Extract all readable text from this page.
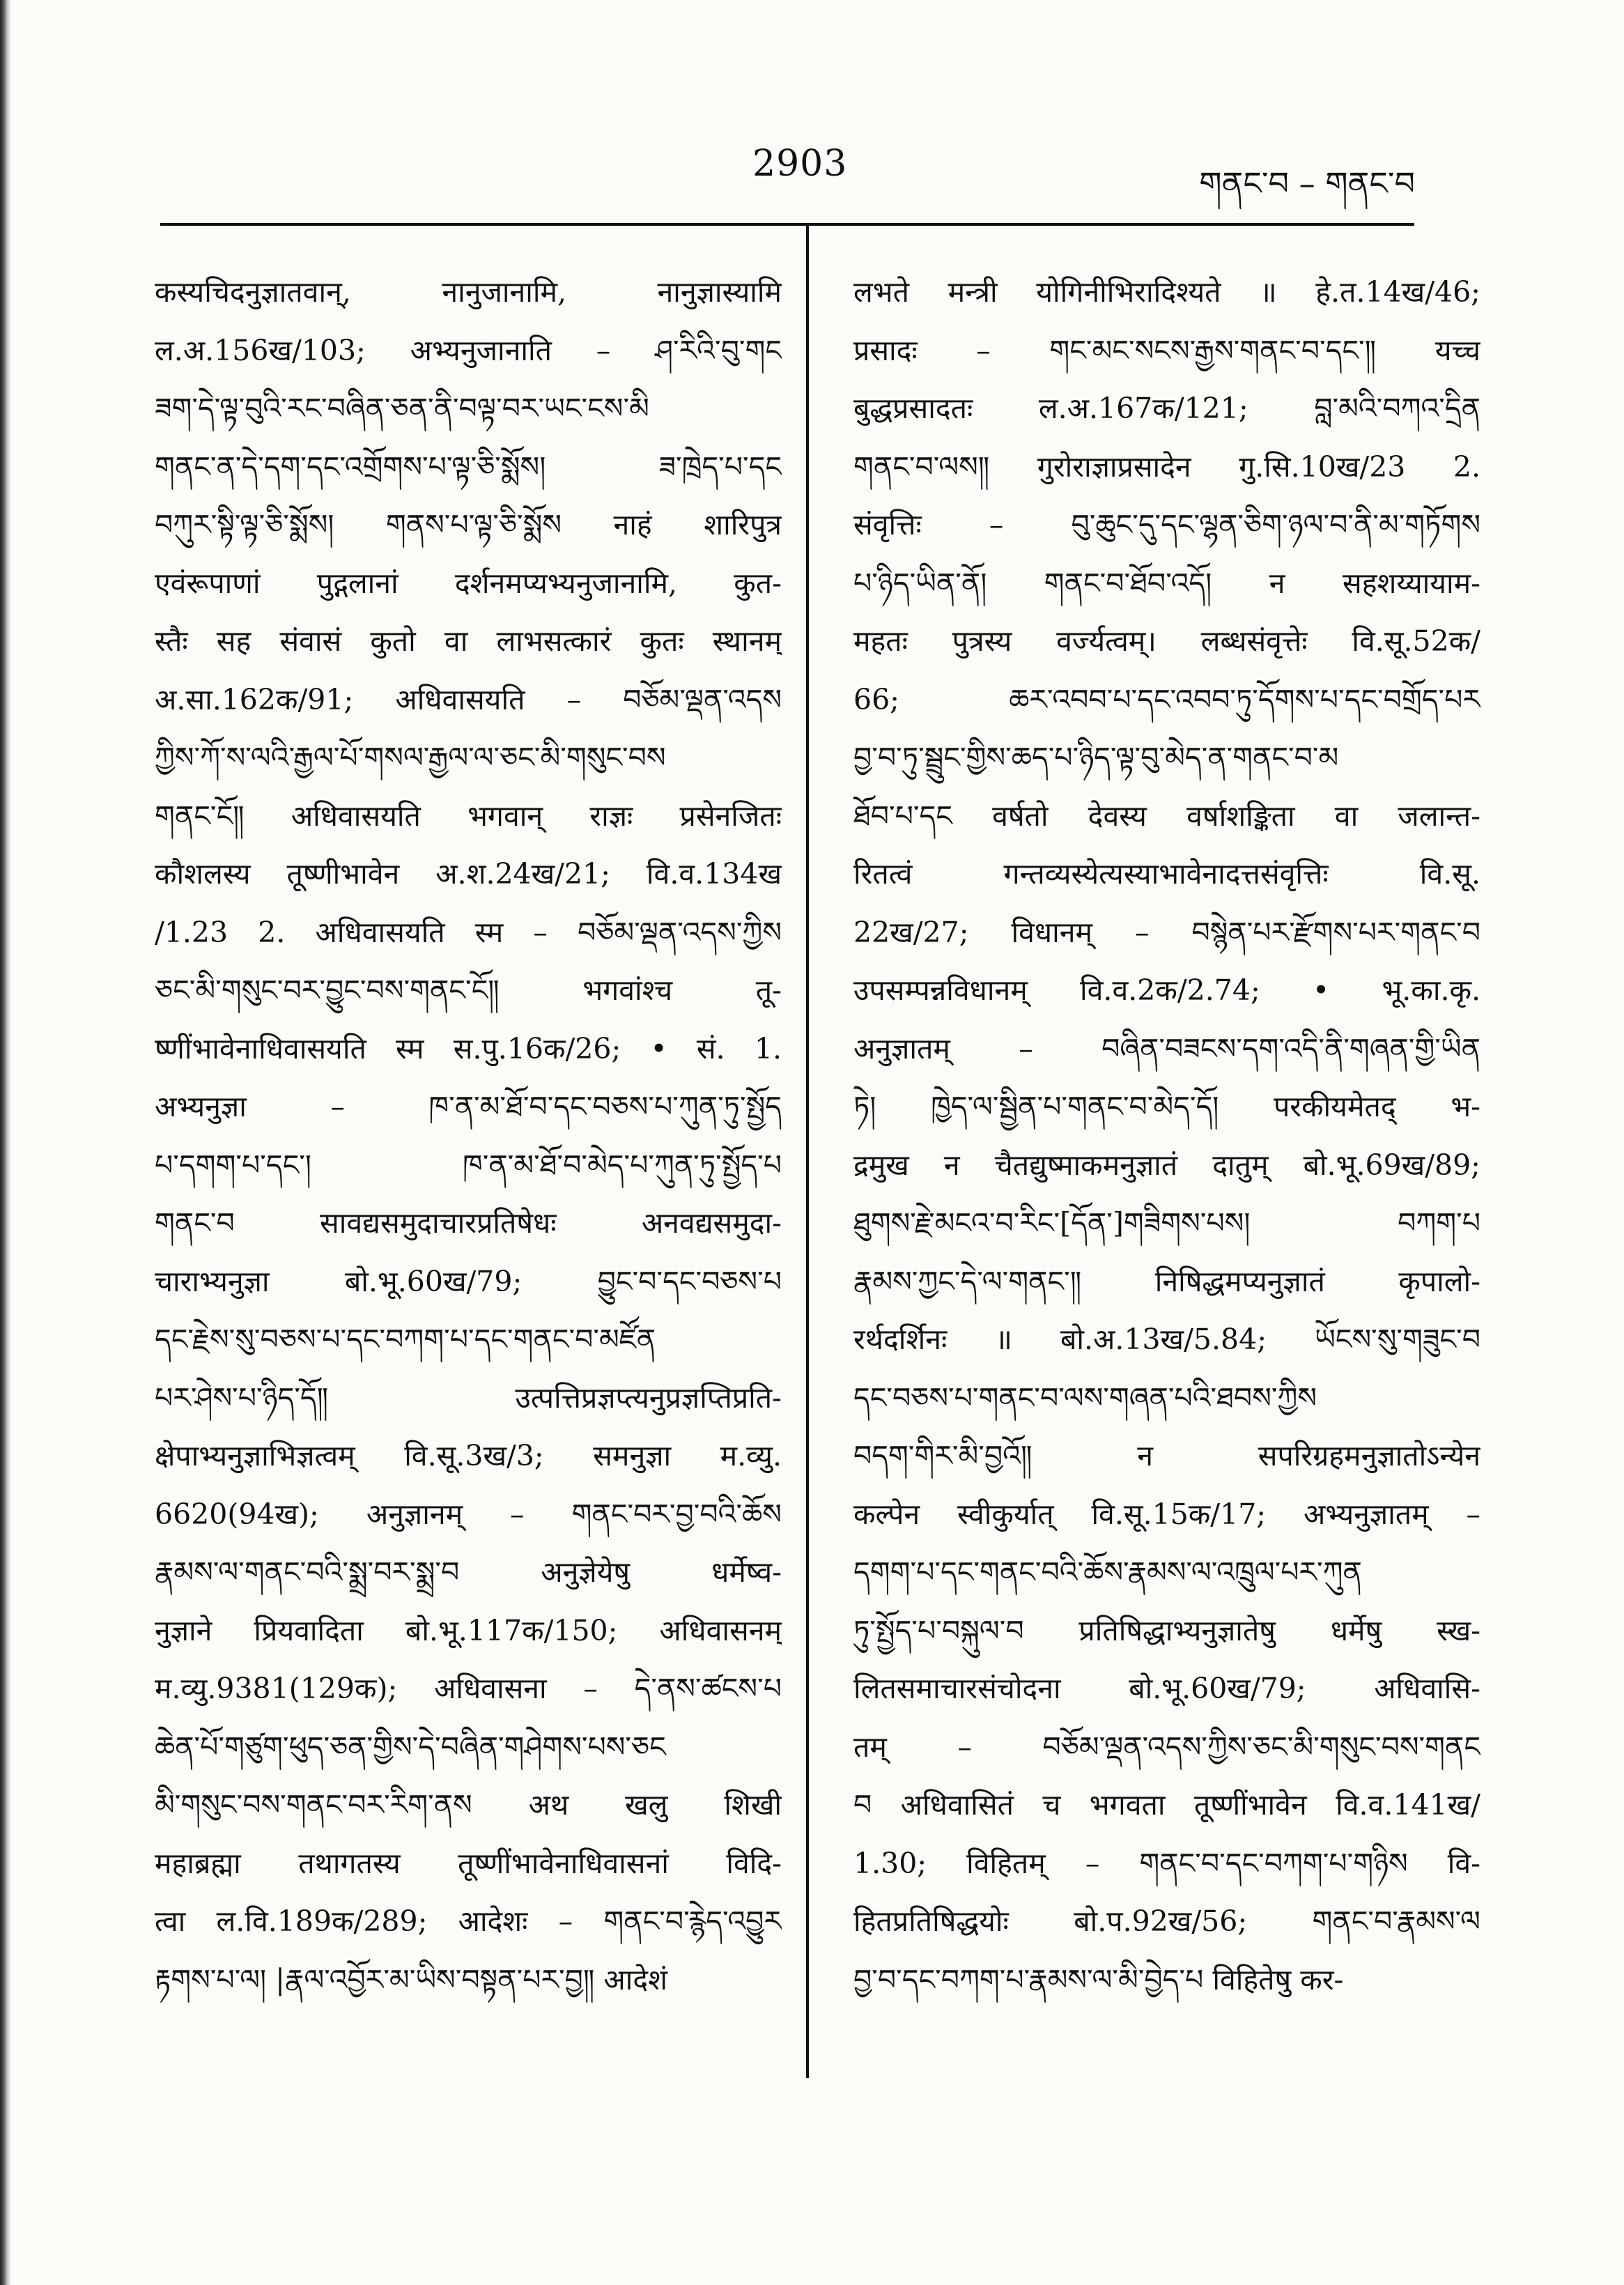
2903	གནང་བ – གནང་བ
कस्यचिदनुज्ञातवान्, नानुजानामि, नानुज्ञास्यामि
ल.अ.156ख/103; अभ्यनुजानाति – ཤ་རིའི་བུ་གང
ཟག་དེ་ལྟ་བུའི་རང་བཞིན་ཅན་ནི་བལྟ་བར་ཡང་ངས་མི
གནང་ན་དེ་དག་དང་འགྲོགས་པ་ལྟ་ཅི་སྨོས། ཟ་ཁྲེད་པ་དང
བཀུར་སྟི་ལྟ་ཅི་སྨོས། གནས་པ་ལྟ་ཅི་སྨོས नाहं शारिपुत्र
एवंरूपाणां पुद्गलानां दर्शनमप्यभ्यनुजानामि, कुत-
स्तैः सह संवासं कुतो वा लाभसत्कारं कुतः स्थानम्
अ.सा.162क/91; अधिवासयति – བཅོམ་ལྡན་འདས
ཀྱིས་ཀོ་ས་ལའི་རྒྱལ་པོ་གསལ་རྒྱལ་ལ་ཅང་མི་གསུང་བས
གནང་ངོ༎ अधिवासयति भगवान् राज्ञः प्रसेनजितः
कौशलस्य तूष्णीभावेन अ.श.24ख/21; वि.व.134ख
/1.23 2. अधिवासयति स्म – བཅོམ་ལྡན་འདས་ཀྱིས
ཅང་མི་གསུང་བར་བྱུང་བས་གནང་ངོ༎ भगवांश्च तू-
ष्णींभावेनाधिवासयति स्म स.पु.16क/26; • सं. 1.
अभ्यनुज्ञा – ཁ་ན་མ་ཐོ་བ་དང་བཅས་པ་ཀུན་ཏུ་སྤྱོད
པ་དགག་པ་དང་། ཁ་ན་མ་ཐོ་བ་མེད་པ་ཀུན་ཏུ་སྤྱོད་པ
གནང་བ सावद्यसमुदाचारप्रतिषेधः अनवद्यसमुदा-
चाराभ्यनुज्ञा बो.भू.60ख/79; བྱུང་བ་དང་བཅས་པ
དང་རྗེས་སུ་བཅས་པ་དང་བཀག་པ་དང་གནང་བ་མཛོན
པར་ཤེས་པ་ཉིད་དོ༎ उत्पत्तिप्रज्ञप्त्यनुप्रज्ञप्तिप्रति-
क्षेपाभ्यनुज्ञाभिज्ञत्वम् वि.सू.3ख/3; समनुज्ञा म.व्यु.
6620(94ख); अनुज्ञानम् – གནང་བར་བྱ་བའི་ཆོས
རྣམས་ལ་གནང་བའི་སྨྲ་བར་སྨྲ་བ अनुज्ञेयेषु धर्मेष्व-
नुज्ञाने प्रियवादिता बो.भू.117क/150; अधिवासनम्
म.व्यु.9381(129क); अधिवासना – དེ་ནས་ཚངས་པ
ཆེན་པོ་གཙུག་ཕུད་ཅན་གྱིས་དེ་བཞིན་གཤེགས་པས་ཅང
མི་གསུང་བས་གནང་བར་རིག་ནས अथ खलु शिखी
महाब्रह्मा तथागतस्य तूष्णींभावेनाधिवासनां विदि-
त्वा ल.वि.189क/289; आदेशः – གནང་བ་རྙེད་འབྱུར
རྟགས་པ་ལ། |རྣལ་འབྱོར་མ་ཡིས་བསྟན་པར་བྱ༎ आदेशं
लभते मन्त्री योगिनीभिरादिश्यते ॥ हे.त.14ख/46;
प्रसादः – གང་མང་སངས་རྒྱས་གནང་བ་དང་༎ यच्च
बुद्धप्रसादतः ल.अ.167क/121; བླ་མའི་བཀའ་དྲིན
གནང་བ་ལས༎ गुरोराज्ञाप्रसादेन गु.सि.10ख/23 2.
संवृत्तिः – བུ་ཆུང་དུ་དང་ལྷན་ཅིག་ཉལ་བ་ནི་མ་གཏོགས
པ་ཉིད་ཡིན་ནོ། གནང་བ་ཐོབ་འདོ། न सहशय्यायाम-
महतः पुत्रस्य वर्ज्यत्वम्। लब्धसंवृत्तेः वि.सू.52क/
66; ཆར་འབབ་པ་དང་འབབ་ཏུ་དོགས་པ་དང་བགྲོད་པར
བྱ་བ་ཏུ་སྦྲུང་གྱིས་ཆད་པ་ཉིད་ལྟ་བུ་མེད་ན་གནང་བ་མ
ཐོབ་པ་དང वर्षतो देवस्य वर्षाशङ्किता वा जलान्त-
रितत्वं गन्तव्यस्येत्यस्याभावेनादत्तसंवृत्तिः वि.सू.
22ख/27; विधानम् – བསྙེན་པར་རྫོགས་པར་གནང་བ
उपसम्पन्नविधानम् वि.व.2क/2.74; • भू.का.कृ.
अनुज्ञातम् – བཞིན་བཟངས་དག་འདི་ནི་གཞན་གྱི་ཡིན
ཏེ། ཁྱེད་ལ་སྦྱིན་པ་གནང་བ་མེད་དོ། परकीयमेतद् भ-
द्रमुख न चैतद्युष्माकमनुज्ञातं दातुम् बो.भू.69ख/89;
ཐུགས་རྗེ་མངའ་བ་རིང་[དོན་]གཟིགས་པས། བཀག་པ
རྣམས་ཀྱང་དེ་ལ་གནང་༎ निषिद्धमप्यनुज्ञातं कृपालो-
रर्थदर्शिनः ॥ बो.अ.13ख/5.84; ཡོངས་སུ་གཟུང་བ
དང་བཅས་པ་གནང་བ་ལས་གཞན་པའི་ཐབས་ཀྱིས
བདག་གིར་མི་བྱའོ༎ न सपरिग्रहमनुज्ञातोऽन्येन
कल्पेन स्वीकुर्यात् वि.सू.15क/17; अभ्यनुज्ञातम् –
དགག་པ་དང་གནང་བའི་ཆོས་རྣམས་ལ་འཁྲུལ་པར་ཀུན
ཏུ་སྤྱོད་པ་བསྐུལ་བ प्रतिषिद्धाभ्यनुज्ञातेषु धर्मेषु स्ख-
लितसमाचारसंचोदना बो.भू.60ख/79; अधिवासि-
तम् – བཅོམ་ལྡན་འདས་ཀྱིས་ཅང་མི་གསུང་བས་གནང
བ अधिवासितं च भगवता तूष्णींभावेन वि.व.141ख/
1.30; विहितम् – གནང་བ་དང་བཀག་པ་གཉིས वि-
हितप्रतिषिद्धयोः बो.प.92ख/56; གནང་བ་རྣམས་ལ
བྱ་བ་དང་བཀག་པ་རྣམས་ལ་མི་བྱེད་པ विहितेषु कर-
